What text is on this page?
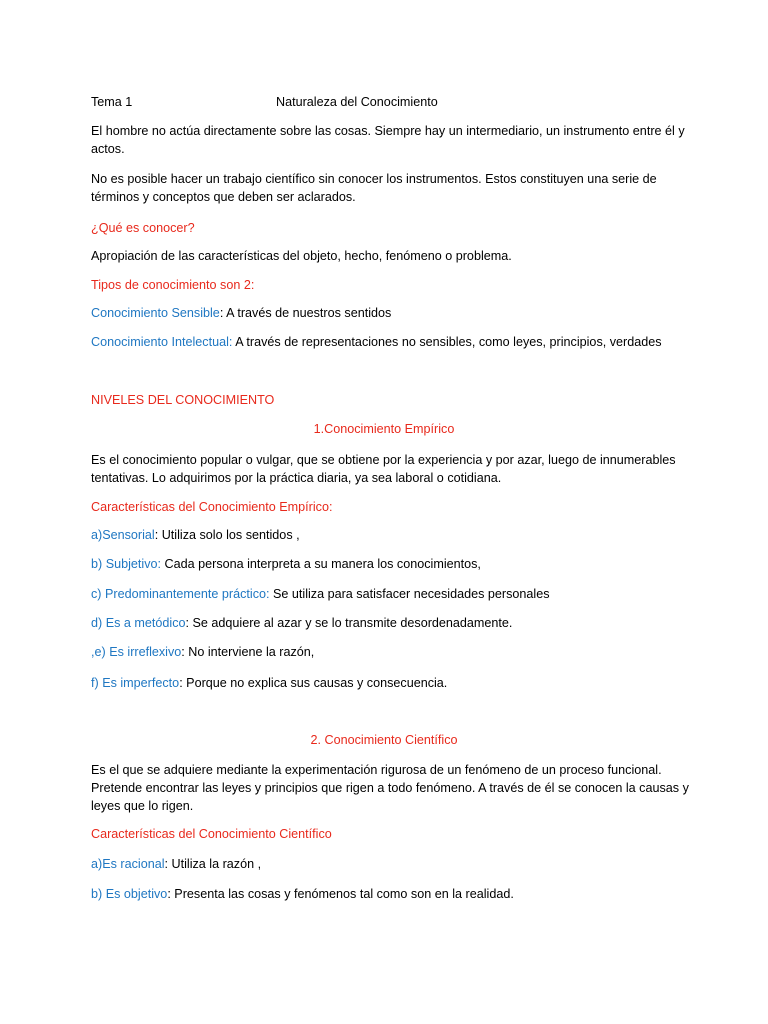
Tema 1	Naturaleza del Conocimiento
El hombre no actúa directamente sobre las cosas. Siempre hay un intermediario, un instrumento entre él y actos.
No es posible hacer un trabajo científico sin conocer los instrumentos. Estos constituyen una serie de términos y conceptos que deben ser aclarados.
¿Qué es conocer?
Apropiación de las características del objeto, hecho, fenómeno o problema.
Tipos de conocimiento son 2:
Conocimiento Sensible: A través de nuestros sentidos
Conocimiento Intelectual: A través de representaciones no sensibles, como leyes, principios, verdades
NIVELES DEL CONOCIMIENTO
1.Conocimiento Empírico
Es el conocimiento popular o vulgar, que se obtiene por la experiencia y por azar, luego de innumerables tentativas. Lo adquirimos por la práctica diaria, ya sea laboral o cotidiana.
Características del Conocimiento Empírico:
a)Sensorial: Utiliza solo los sentidos ,
b) Subjetivo: Cada persona interpreta a su manera los conocimientos,
c) Predominantemente práctico: Se utiliza para satisfacer necesidades personales
d) Es a metódico: Se adquiere al azar y se lo transmite desordenadamente.
,e) Es irreflexivo: No interviene la razón,
f) Es imperfecto: Porque no explica sus causas y consecuencia.
2. Conocimiento Científico
Es el que se adquiere mediante la experimentación rigurosa de un fenómeno de un proceso funcional. Pretende encontrar las leyes y principios que rigen a todo fenómeno. A través de él se conocen la causas y leyes que lo rigen.
Características del Conocimiento Científico
a)Es racional: Utiliza la razón ,
b) Es objetivo: Presenta las cosas y fenómenos tal como son en la realidad.
